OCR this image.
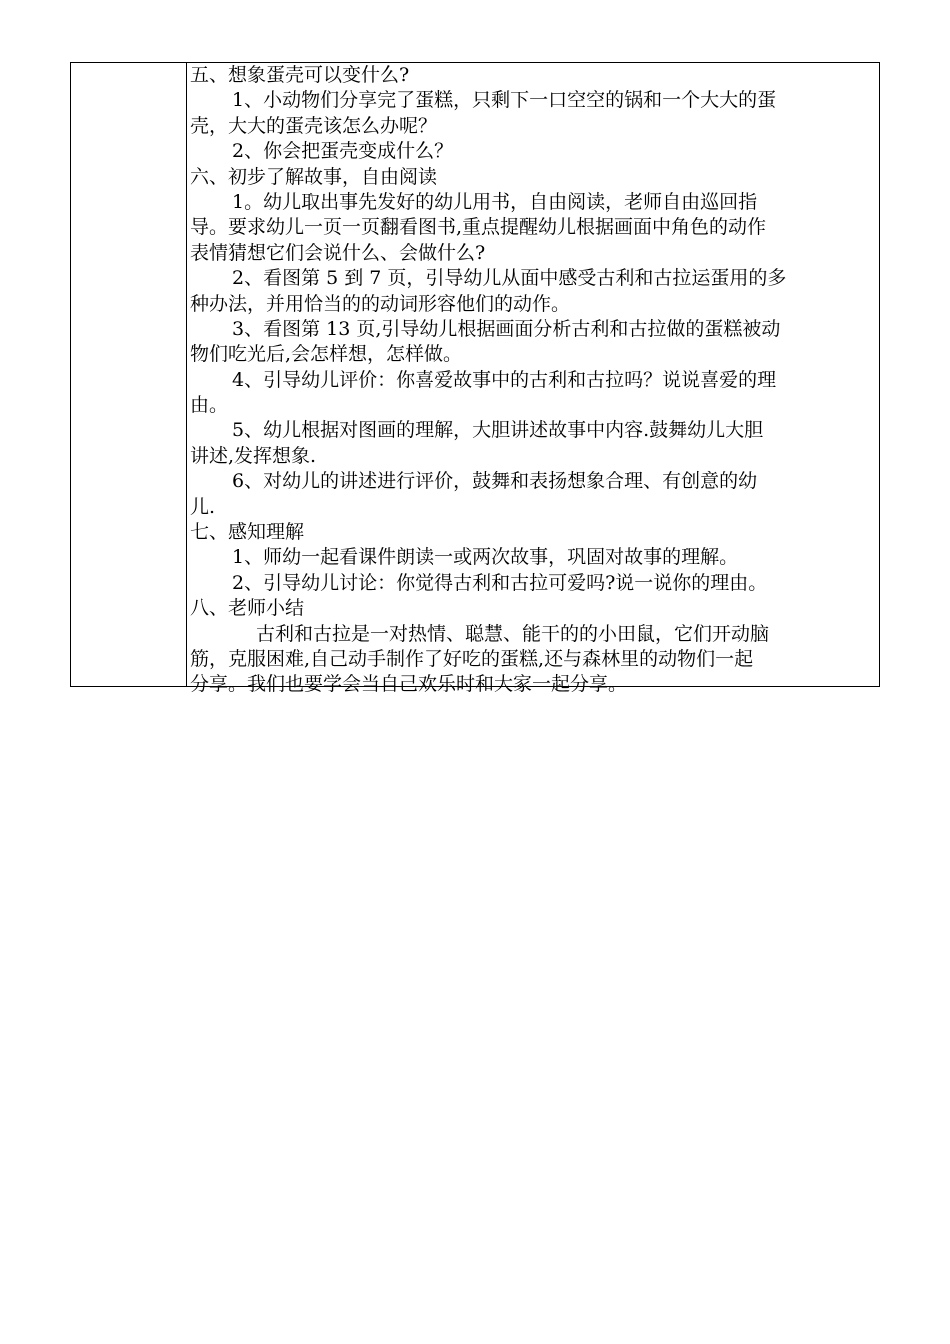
五、想象蛋壳可以变什么?
1、小动物们分享完了蛋糕，只剩下一口空空的锅和一个大大的蛋
壳，大大的蛋壳该怎么办呢？
2、你会把蛋壳变成什么？
六、初步了解故事，自由阅读
1。幼儿取出事先发好的幼儿用书，自由阅读，老师自由巡回指
导。要求幼儿一页一页翻看图书,重点提醒幼儿根据画面中角色的动作
表情猜想它们会说什么、会做什么?
2、看图第 5 到 7 页，引导幼儿从面中感受古利和古拉运蛋用的多
种办法，并用恰当的的动词形容他们的动作。
3、看图第 13 页,引导幼儿根据画面分析古利和古拉做的蛋糕被动
物们吃光后,会怎样想，怎样做。
4、引导幼儿评价：你喜爱故事中的古利和古拉吗？说说喜爱的理
由。
5、幼儿根据对图画的理解，大胆讲述故事中内容.鼓舞幼儿大胆
讲述,发挥想象.
6、对幼儿的讲述进行评价，鼓舞和表扬想象合理、有创意的幼
儿.
七、感知理解
1、师幼一起看课件朗读一或两次故事，巩固对故事的理解。
2、引导幼儿讨论：你觉得古利和古拉可爱吗?说一说你的理由。
八、老师小结
古利和古拉是一对热情、聪慧、能干的的小田鼠，它们开动脑
筋，克服困难,自己动手制作了好吃的蛋糕,还与森林里的动物们一起
分享。我们也要学会当自己欢乐时和大家一起分享。
